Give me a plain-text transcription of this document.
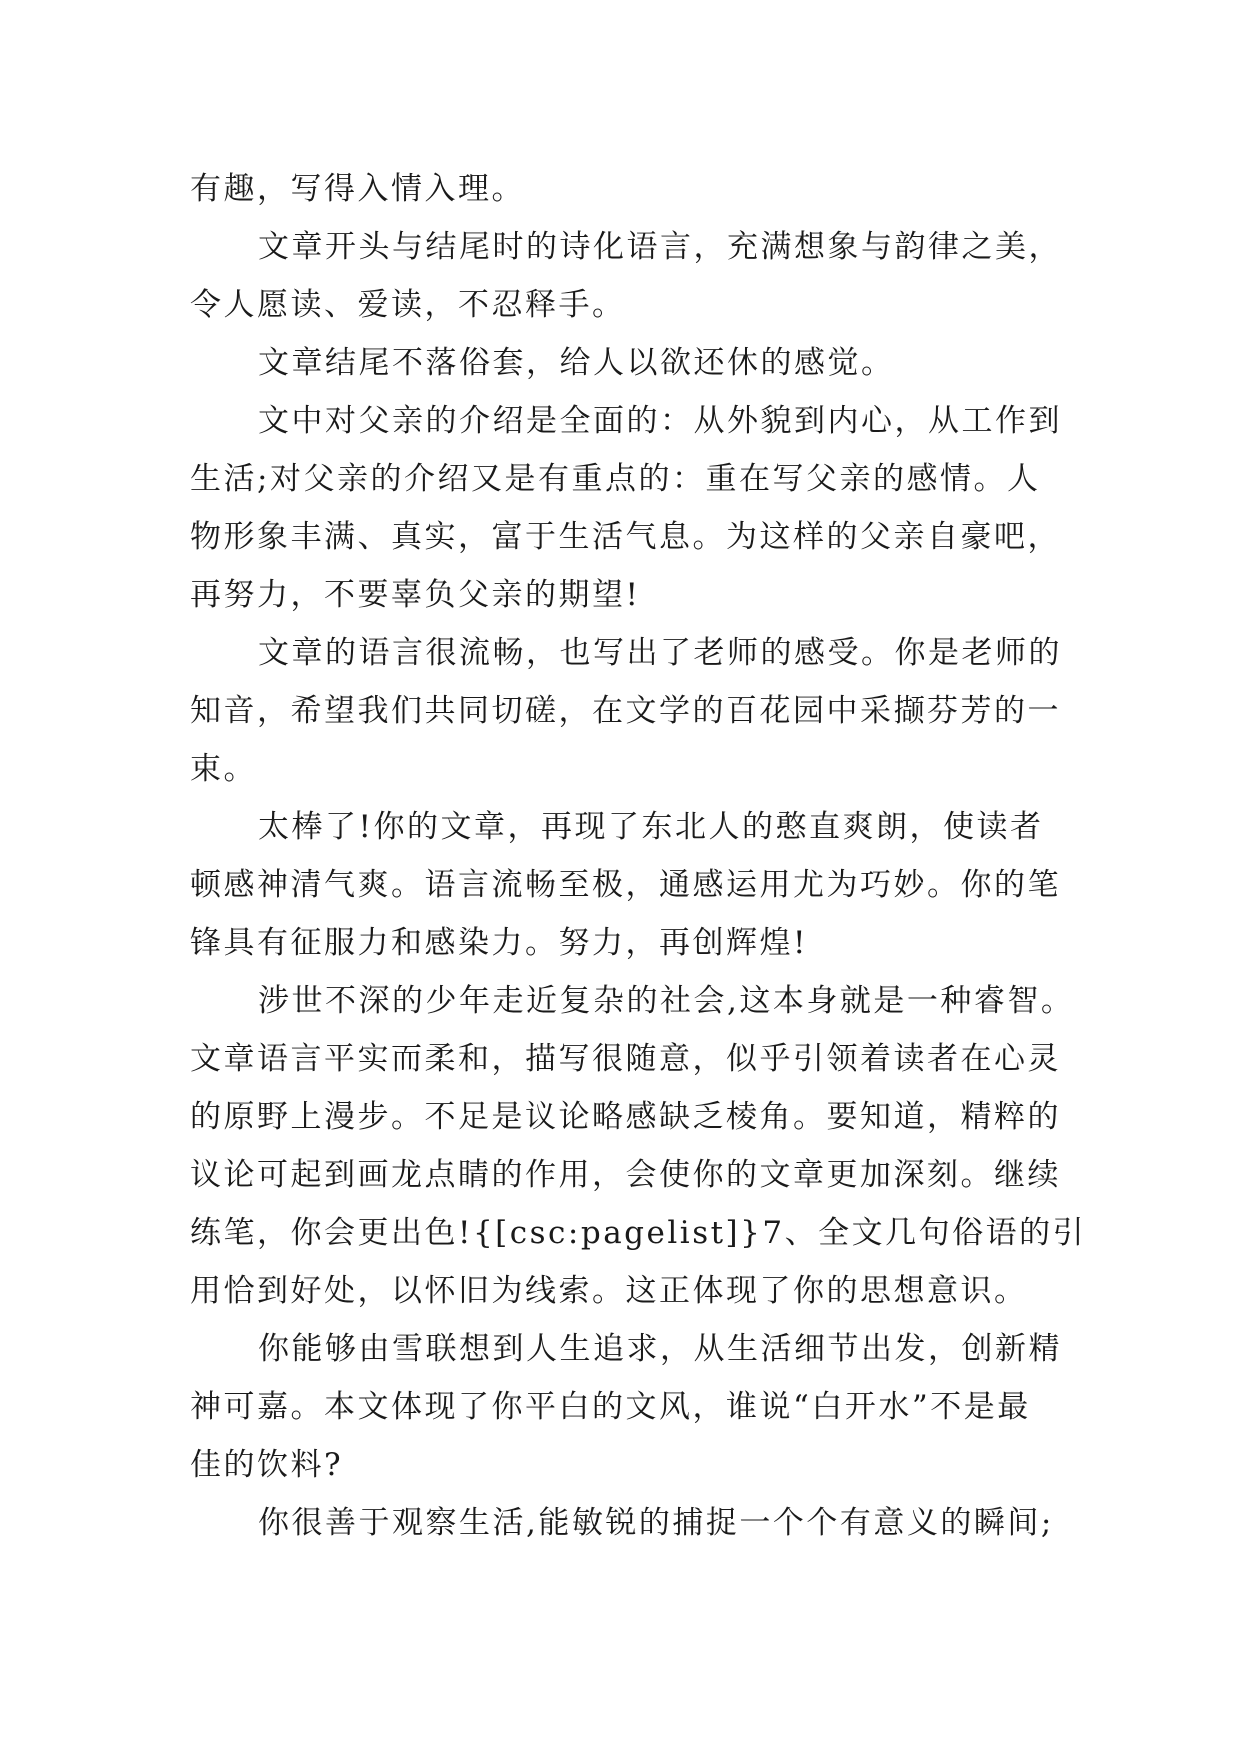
有趣，写得入情入理。
文章开头与结尾时的诗化语言，充满想象与韵律之美，
令人愿读、爱读，不忍释手。
文章结尾不落俗套，给人以欲还休的感觉。
文中对父亲的介绍是全面的：从外貌到内心，从工作到
生活;对父亲的介绍又是有重点的：重在写父亲的感情。人
物形象丰满、真实，富于生活气息。为这样的父亲自豪吧，
再努力，不要辜负父亲的期望!
文章的语言很流畅，也写出了老师的感受。你是老师的
知音，希望我们共同切磋，在文学的百花园中采撷芬芳的一
束。
太棒了!你的文章，再现了东北人的憨直爽朗，使读者
顿感神清气爽。语言流畅至极，通感运用尤为巧妙。你的笔
锋具有征服力和感染力。努力，再创辉煌!
涉世不深的少年走近复杂的社会,这本身就是一种睿智。
文章语言平实而柔和，描写很随意，似乎引领着读者在心灵
的原野上漫步。不足是议论略感缺乏棱角。要知道，精粹的
议论可起到画龙点睛的作用，会使你的文章更加深刻。继续
练笔，你会更出色!{[csc:pagelist]}7、全文几句俗语的引
用恰到好处，以怀旧为线索。这正体现了你的思想意识。
你能够由雪联想到人生追求，从生活细节出发，创新精
神可嘉。本文体现了你平白的文风，谁说“白开水”不是最
佳的饮料?
你很善于观察生活,能敏锐的捕捉一个个有意义的瞬间;
